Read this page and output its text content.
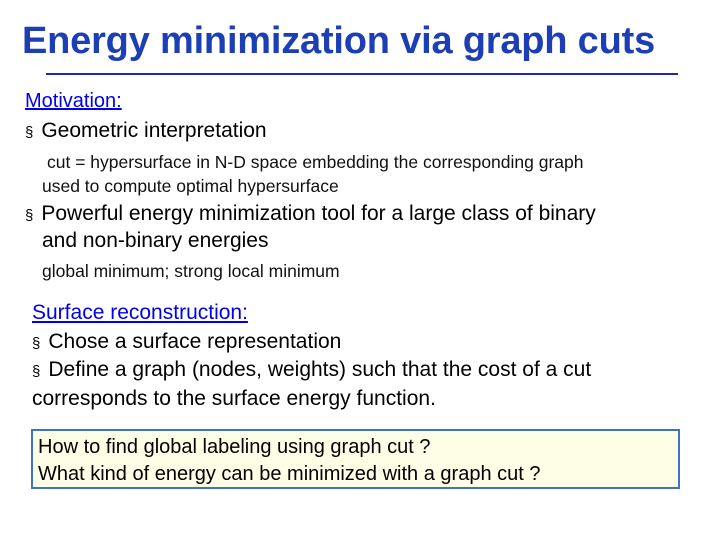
Energy minimization via graph cuts
Motivation:
§ Geometric interpretation
cut = hypersurface in N-D space embedding the corresponding graph
used to compute optimal hypersurface
§ Powerful energy minimization tool for a large class of binary
and non-binary energies
global minimum; strong local minimum
Surface reconstruction:
§ Chose a surface representation
§ Define a graph (nodes, weights) such that the cost of a cut
corresponds to the surface energy function.
How to find global labeling using graph cut ?
What kind of energy can be minimized with a graph cut ?
